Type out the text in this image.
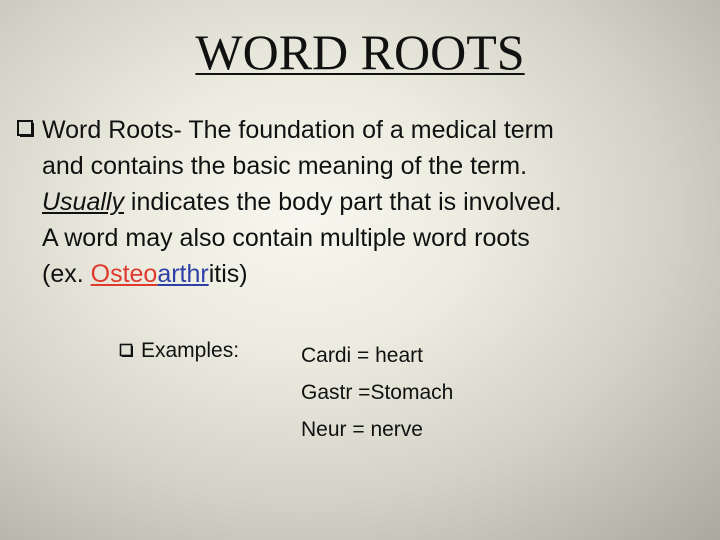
WORD ROOTS
Word Roots- The foundation of a medical term
and contains the basic meaning of the term.
Usually indicates the body part that is involved.
A word may also contain multiple word roots
(ex. Osteoarthritis)
Examples:	Cardi = heart
Gastr =Stomach
Neur = nerve
